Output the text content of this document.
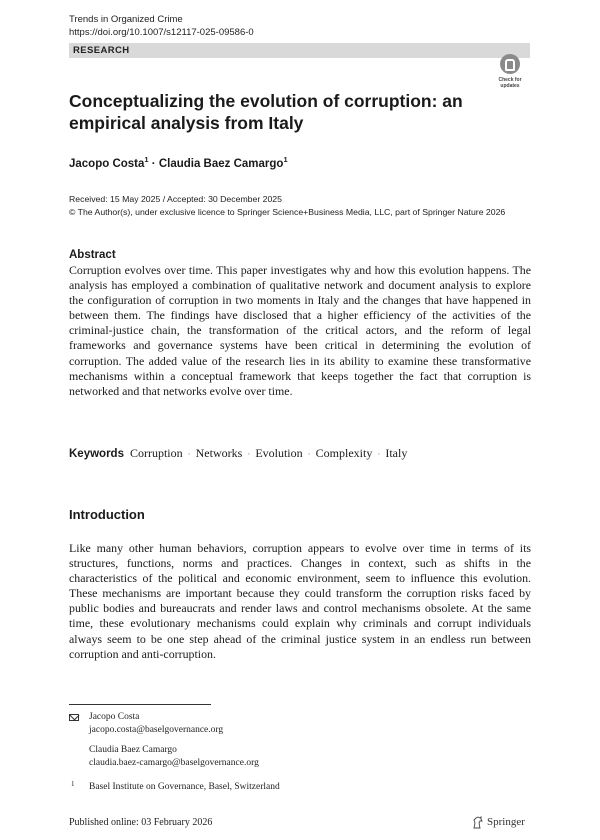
Trends in Organized Crime
https://doi.org/10.1007/s12117-025-09586-0
RESEARCH
Check for
updates
Conceptualizing the evolution of corruption: an empirical analysis from Italy
Jacopo Costa$^1$ · Claudia Baez Camargo$^1$
Received: 15 May 2025 / Accepted: 30 December 2025
© The Author(s), under exclusive licence to Springer Science+Business Media, LLC, part of Springer Nature 2026
Abstract
Corruption evolves over time. This paper investigates why and how this evolution happens. The analysis has employed a combination of qualitative network and document analysis to explore the configuration of corruption in two moments in Italy and the changes that have happened in between them. The findings have disclosed that a higher efficiency of the activities of the criminal-justice chain, the transformation of the critical actors, and the reform of legal frameworks and governance systems have been critical in determining the evolution of corruption. The added value of the research lies in its ability to examine these transformative mechanisms within a conceptual framework that keeps together the fact that corruption is networked and that networks evolve over time.
Keywords Corruption · Networks · Evolution · Complexity · Italy
Introduction
Like many other human behaviors, corruption appears to evolve over time in terms of its structures, functions, norms and practices. Changes in context, such as shifts in the characteristics of the political and economic environment, seem to influence this evolution. These mechanisms are important because they could transform the corruption risks faced by public bodies and bureaucrats and render laws and control mechanisms obsolete. At the same time, these evolutionary mechanisms could explain why criminals and corrupt individuals always seem to be one step ahead of the criminal justice system in an endless run between corruption and anti-corruption.
Jacopo Costa
jacopo.costa@baselgovernance.org
Claudia Baez Camargo
claudia.baez-camargo@baselgovernance.org
1 Basel Institute on Governance, Basel, Switzerland
Published online: 03 February 2026	Springer
